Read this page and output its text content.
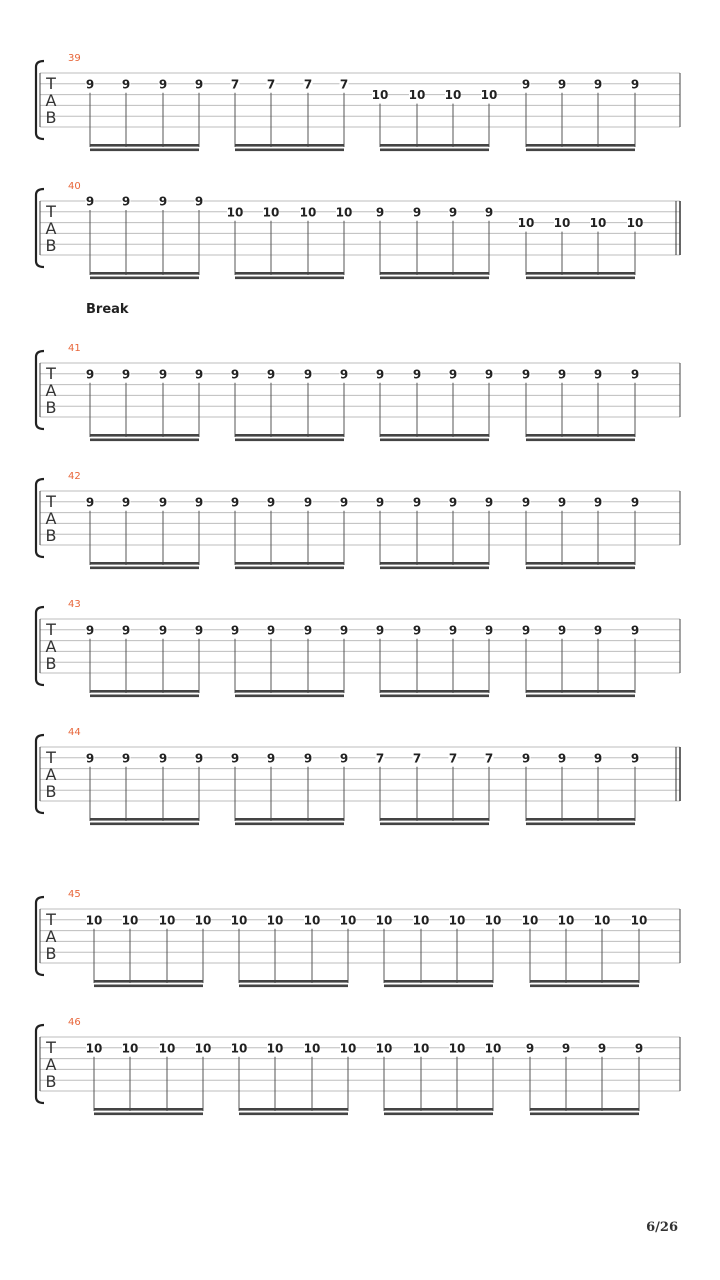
39
T
A
B
9 9 9 9 7 7 7 7
10 10 10 10
9 9 9 9
40
T
A
B
9 9 9 9
10 10 10 10 9 9 9 9
10 10 10 10
41
Break
T
A
B
9 9 9 9 9 9 9 9 9 9 9 9 9 9 9 9
42
T
A
B
9 9 9 9 9 9 9 9 9 9 9 9 9 9 9 9
43
T
A
B
9 9 9 9 9 9 9 9 9 9 9 9 9 9 9 9
44
T
A
B
9 9 9 9 9 9 9 9 7 7 7 7 9 9 9 9
45
T
A
B
10 10 10 10 10 10 10 10 10 10 10 10 10 10 10 10
46
T
A
B
10 10 10 10 10 10 10 10 10 10 10 10 9 9 9 9
6/26
